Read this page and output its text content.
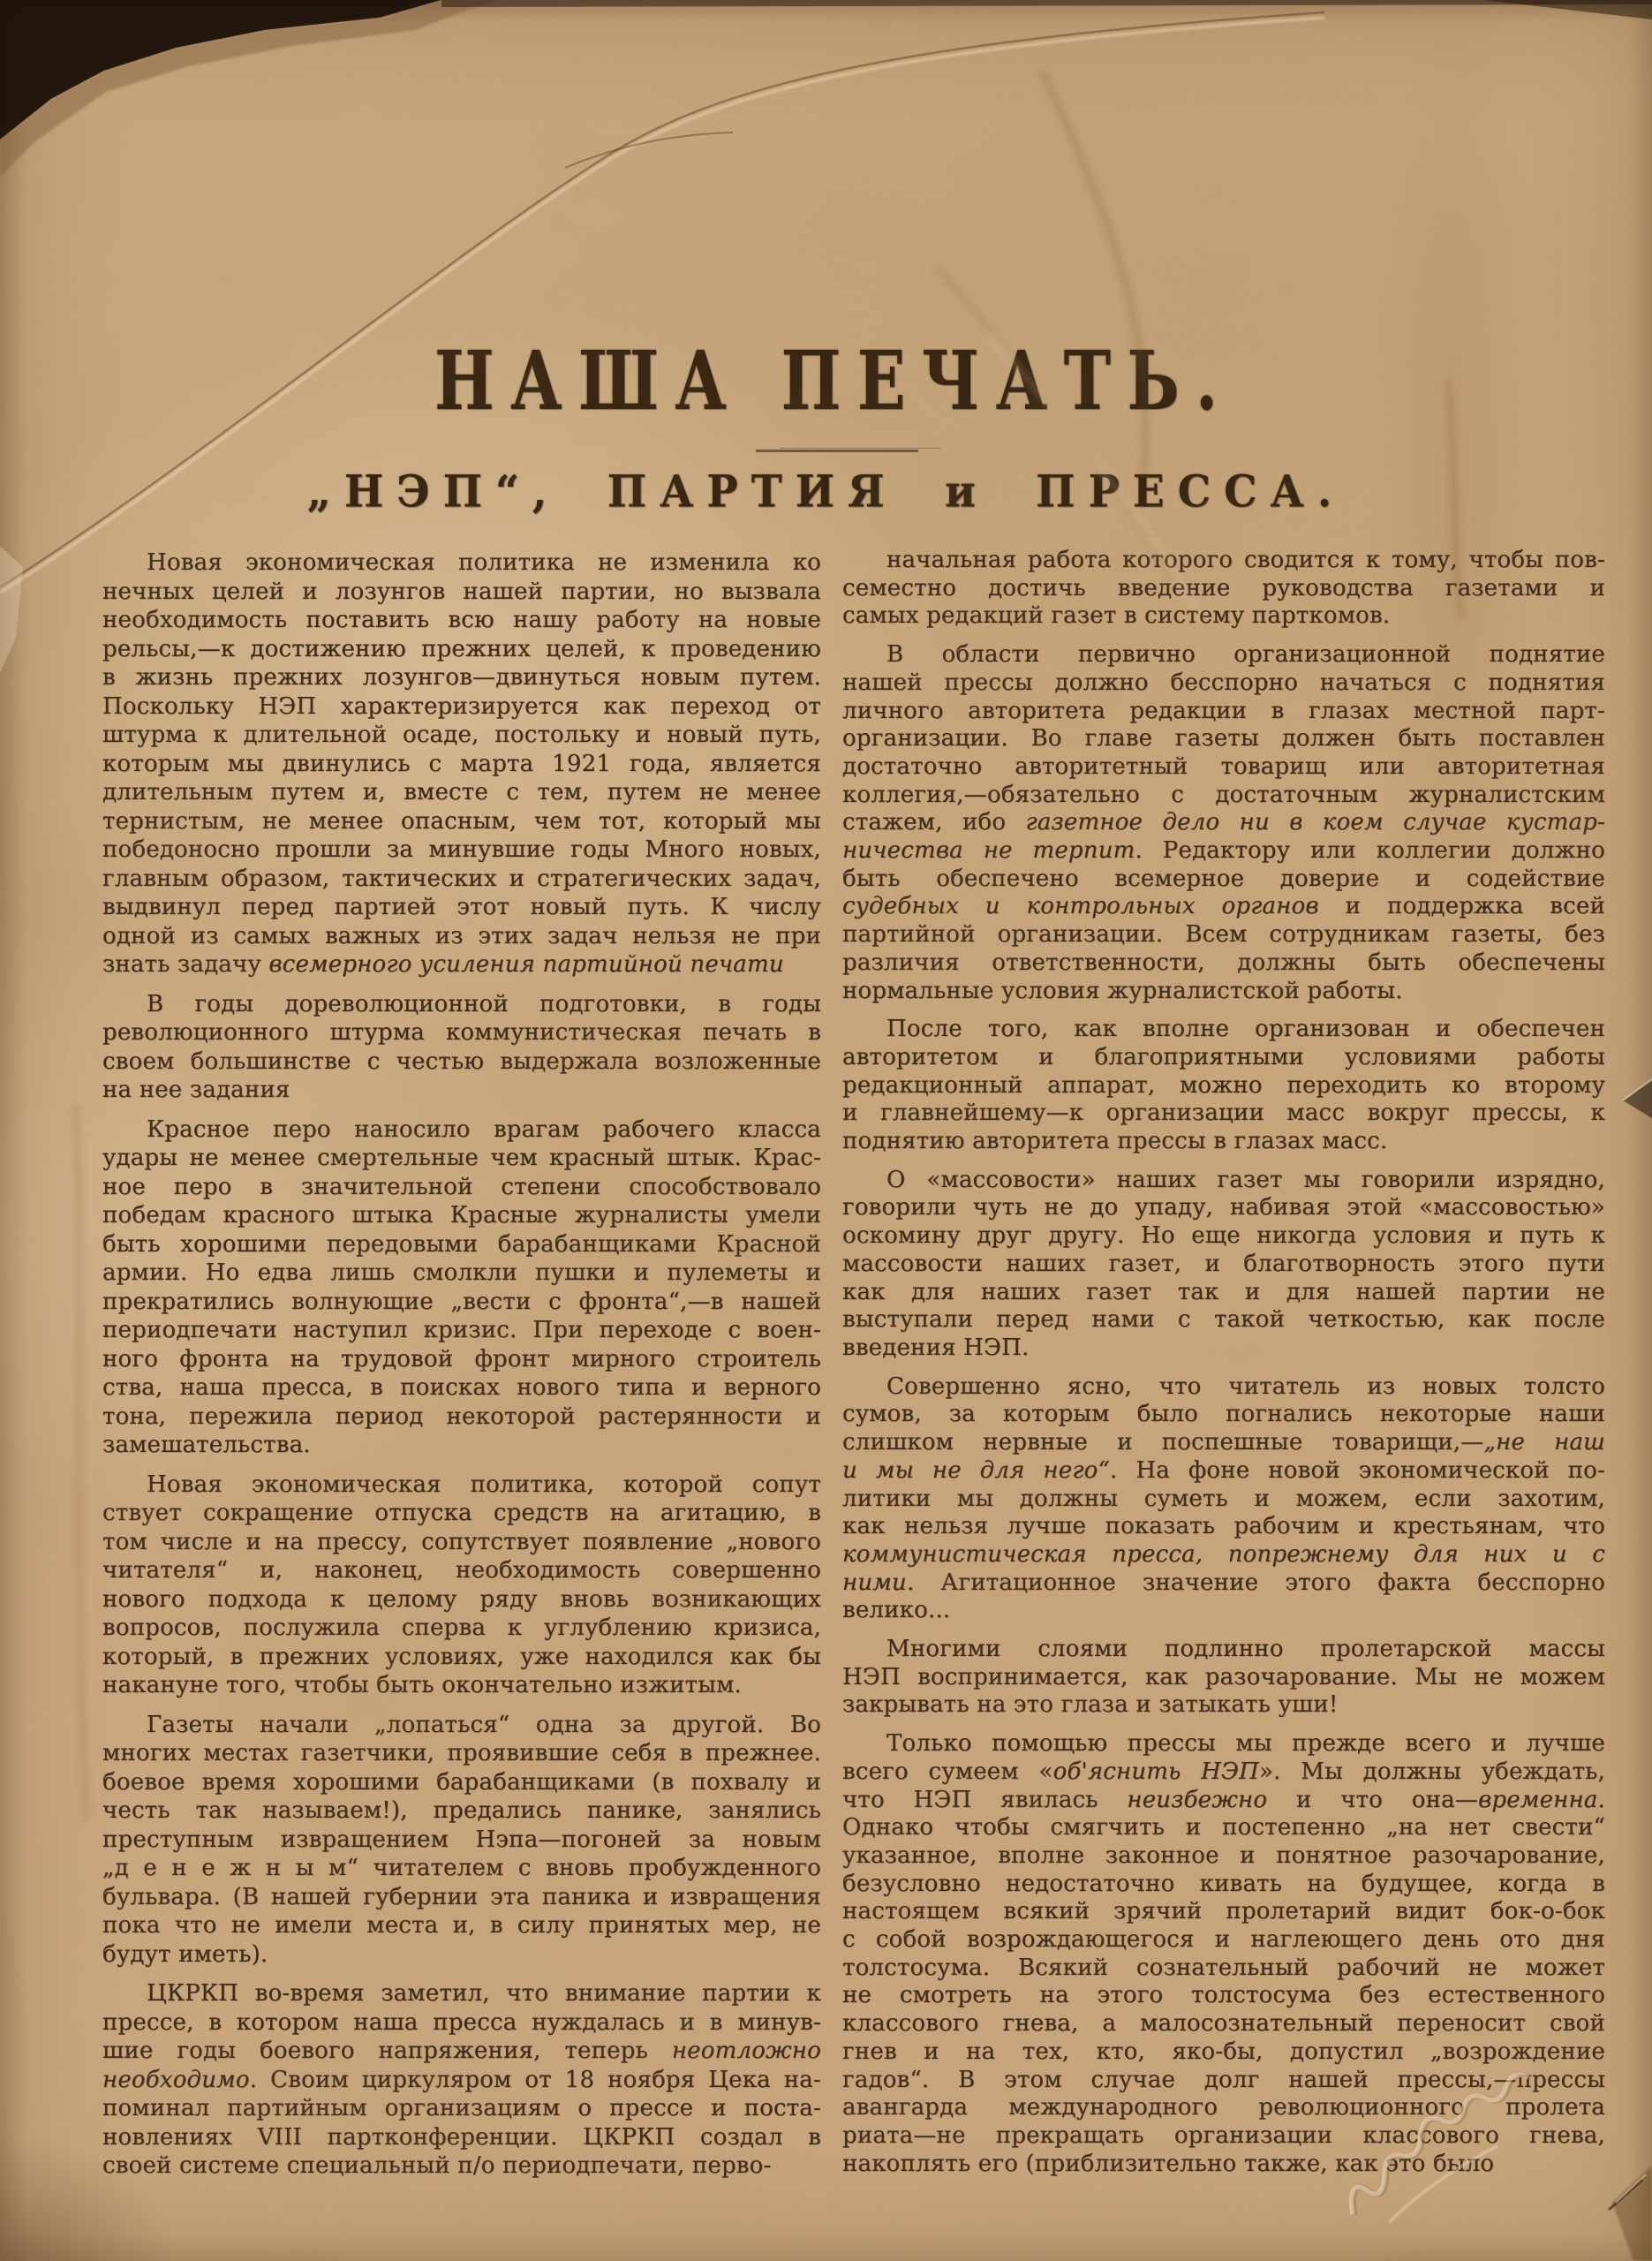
НАША ПЕЧАТЬ.
„НЭП“, ПАРТИЯ и ПРЕССА.

Новая экономическая политика не изменила ко
нечных целей и лозунгов нашей партии, но вызвала
необходимость поставить всю нашу работу на новые
рельсы,—к достижению прежних целей, к проведению
в жизнь прежних лозунгов—двинуться новым путем.
Поскольку НЭП характеризируется как переход от
штурма к длительной осаде, постольку и новый путь,
которым мы двинулись с марта 1921 года, является
длительным путем и, вместе с тем, путем не менее
тернистым, не менее опасным, чем тот, который мы
победоносно прошли за минувшие годы Много новых,
главным образом, тактических и стратегических задач,
выдвинул перед партией этот новый путь. К числу
одной из самых важных из этих задач нельзя не при
знать задачу всемерного усиления партийной печати

В годы дореволюционной подготовки, в годы
революционного штурма коммунистическая печать в
своем большинстве с честью выдержала возложенные
на нее задания

Красное перо наносило врагам рабочего класса
удары не менее смертельные чем красный штык. Крас-
ное перо в значительной степени способствовало
победам красного штыка Красные журналисты умели
быть хорошими передовыми барабанщиками Красной
армии. Но едва лишь смолкли пушки и пулеметы и
прекратились волнующие „вести с фронта“,—в нашей
периодпечати наступил кризис. При переходе с воен-
ного фронта на трудовой фронт мирного строитель
ства, наша пресса, в поисках нового типа и верного
тона, пережила период некоторой растерянности и
замешательства.

Новая экономическая политика, которой сопут
ствует сокращение отпуска средств на агитацию, в
том числе и на прессу, сопутствует появление „нового
читателя“ и, наконец, необходимость совершенно
нового подхода к целому ряду вновь возникающих
вопросов, послужила сперва к углублению кризиса,
который, в прежних условиях, уже находился как бы
накануне того, чтобы быть окончательно изжитым.

Газеты начали „лопаться“ одна за другой. Во
многих местах газетчики, проявившие себя в прежнее.
боевое время хорошими барабанщиками (в похвалу и
честь так называем!), предались панике, занялись
преступным извращением Нэпа—погоней за новым
„д е н е ж н ы м“ читателем с вновь пробужденного
бульвара. (В нашей губернии эта паника и извращения
пока что не имели места и, в силу принятых мер, не
будут иметь).

ЦКРКП во-время заметил, что внимание партии к
прессе, в котором наша пресса нуждалась и в минув-
шие годы боевого напряжения, теперь неотложно
необходимо. Своим циркуляром от 18 ноября Цека на-
поминал партийным организациям о прессе и поста-
новлениях VIII партконференции. ЦКРКП создал в
своей системе специальный п/о периодпечати, перво-

начальная работа которого сводится к тому, чтобы пов-
семестно достичь введение руководства газетами и
самых редакций газет в систему парткомов.

В области первично организационной поднятие
нашей прессы должно бесспорно начаться с поднятия
личного авторитета редакции в глазах местной парт-
организации. Во главе газеты должен быть поставлен
достаточно авторитетный товарищ или авторитетная
коллегия,—обязательно с достаточным журналистским
стажем, ибо газетное дело ни в коем случае кустар-
ничества не терпит. Редактору или коллегии должно
быть обеспечено всемерное доверие и содействие
судебных и контрольных органов и поддержка всей
партийной организации. Всем сотрудникам газеты, без
различия ответственности, должны быть обеспечены
нормальные условия журналистской работы.

После того, как вполне организован и обеспечен
авторитетом и благоприятными условиями работы
редакционный аппарат, можно переходить ко второму
и главнейшему—к организации масс вокруг прессы, к
поднятию авторитета прессы в глазах масс.

О «массовости» наших газет мы говорили изрядно,
говорили чуть не до упаду, набивая этой «массовостью»
оскомину друг другу. Но еще никогда условия и путь к
массовости наших газет, и благотворность этого пути
как для наших газет так и для нашей партии не
выступали перед нами с такой четкостью, как после
введения НЭП.

Совершенно ясно, что читатель из новых толсто
сумов, за которым было погнались некоторые наши
слишком нервные и поспешные товарищи,—„не наш
и мы не для него“. На фоне новой экономической по-
литики мы должны суметь и можем, если захотим,
как нельзя лучше показать рабочим и крестьянам, что
коммунистическая пресса, попрежнему для них и с
ними. Агитационное значение этого факта бесспорно
велико...

Многими слоями подлинно пролетарской массы
НЭП воспринимается, как разочарование. Мы не можем
закрывать на это глаза и затыкать уши!

Только помощью прессы мы прежде всего и лучше
всего сумеем «об'яснить НЭП». Мы должны убеждать,
что НЭП явилась неизбежно и что она—временна.
Однако чтобы смягчить и постепенно „на нет свести“
указанное, вполне законное и понятное разочарование,
безусловно недостаточно кивать на будущее, когда в
настоящем всякий зрячий пролетарий видит бок-о-бок
с собой возрождающегося и наглеющего день ото дня
толстосума. Всякий сознательный рабочий не может
не смотреть на этого толстосума без естественного
классового гнева, а малосознательный переносит свой
гнев и на тех, кто, яко-бы, допустил „возрождение
гадов“. В этом случае долг нашей прессы,—прессы
авангарда международного революционного пролета
риата—не прекращать организации классового гнева,
накоплять его (приблизительно также, как это было
